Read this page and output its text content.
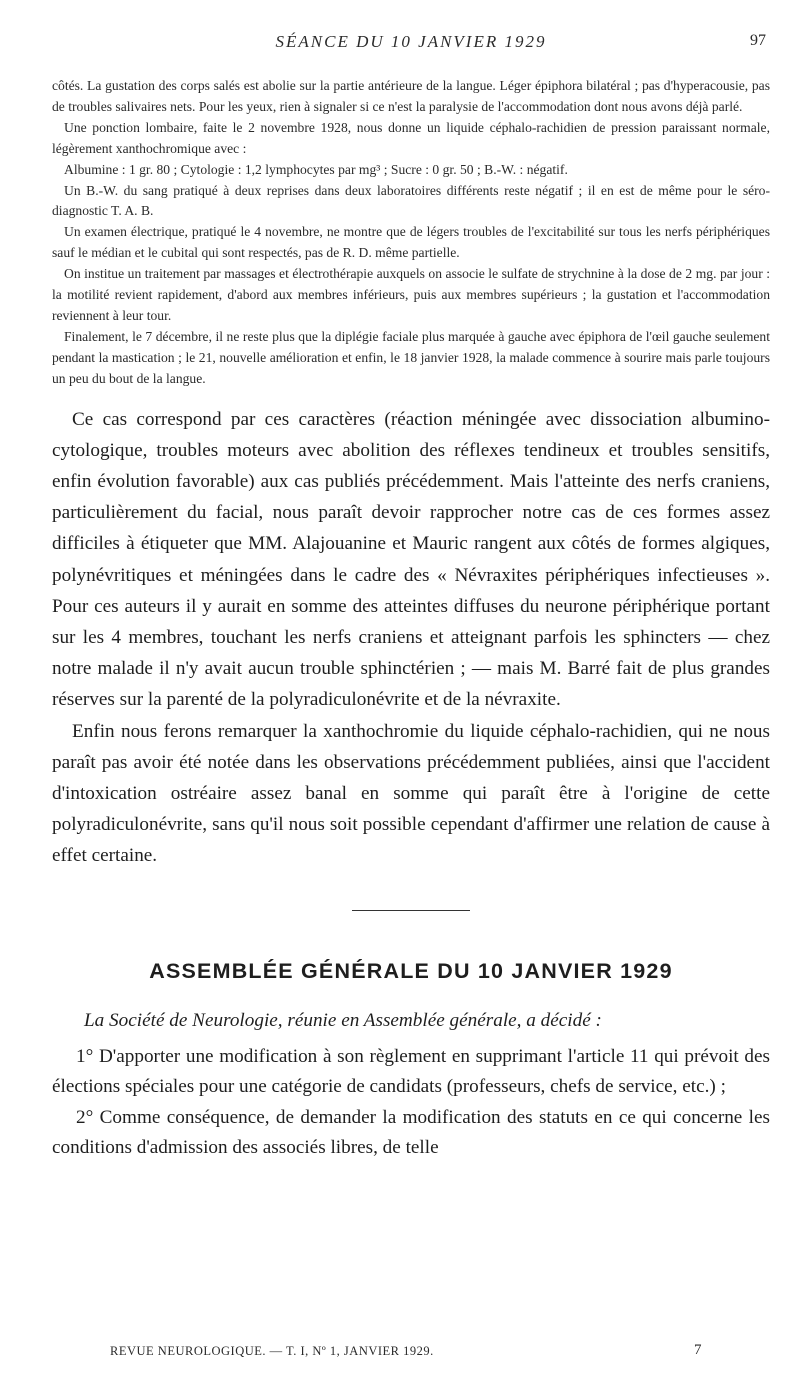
SÉANCE DU 10 JANVIER 1929	97

côtés. La gustation des corps salés est abolie sur la partie antérieure de la langue. Léger épiphora bilatéral ; pas d'hyperacousie, pas de troubles salivaires nets. Pour les yeux, rien à signaler si ce n'est la paralysie de l'accommodation dont nous avons déjà parlé.

Une ponction lombaire, faite le 2 novembre 1928, nous donne un liquide céphalo-rachidien de pression paraissant normale, légèrement xanthochromique avec :

Albumine : 1 gr. 80 ; Cytologie : 1,2 lymphocytes par mg³ ; Sucre : 0 gr. 50 ; B.-W. : négatif.

Un B.-W. du sang pratiqué à deux reprises dans deux laboratoires différents reste négatif ; il en est de même pour le séro-diagnostic T. A. B.

Un examen électrique, pratiqué le 4 novembre, ne montre que de légers troubles de l'excitabilité sur tous les nerfs périphériques sauf le médian et le cubital qui sont respectés, pas de R. D. même partielle.

On institue un traitement par massages et électrothérapie auxquels on associe le sulfate de strychnine à la dose de 2 mg. par jour : la motilité revient rapidement, d'abord aux membres inférieurs, puis aux membres supérieurs ; la gustation et l'accommodation reviennent à leur tour.

Finalement, le 7 décembre, il ne reste plus que la diplégie faciale plus marquée à gauche avec épiphora de l'œil gauche seulement pendant la mastication ; le 21, nouvelle amélioration et enfin, le 18 janvier 1928, la malade commence à sourire mais parle toujours un peu du bout de la langue.

Ce cas correspond par ces caractères (réaction méningée avec dissociation albumino-cytologique, troubles moteurs avec abolition des réflexes tendineux et troubles sensitifs, enfin évolution favorable) aux cas publiés précédemment. Mais l'atteinte des nerfs craniens, particulièrement du facial, nous paraît devoir rapprocher notre cas de ces formes assez difficiles à étiqueter que MM. Alajouanine et Mauric rangent aux côtés de formes algiques, polynévritiques et méningées dans le cadre des « Névraxites périphériques infectieuses ». Pour ces auteurs il y aurait en somme des atteintes diffuses du neurone périphérique portant sur les 4 membres, touchant les nerfs craniens et atteignant parfois les sphincters — chez notre malade il n'y avait aucun trouble sphinctérien ; — mais M. Barré fait de plus grandes réserves sur la parenté de la polyradiculonévrite et de la névraxite.

Enfin nous ferons remarquer la xanthochromie du liquide céphalo-rachidien, qui ne nous paraît pas avoir été notée dans les observations précédemment publiées, ainsi que l'accident d'intoxication ostréaire assez banal en somme qui paraît être à l'origine de cette polyradiculonévrite, sans qu'il nous soit possible cependant d'affirmer une relation de cause à effet certaine.

ASSEMBLÉE GÉNÉRALE DU 10 JANVIER 1929
La Société de Neurologie, réunie en Assemblée générale, a décidé :

1° D'apporter une modification à son règlement en supprimant l'article 11 qui prévoit des élections spéciales pour une catégorie de candidats (professeurs, chefs de service, etc.) ;

2° Comme conséquence, de demander la modification des statuts en ce qui concerne les conditions d'admission des associés libres, de telle

REVUE NEUROLOGIQUE. — T. I, Nº 1, JANVIER 1929.	7
